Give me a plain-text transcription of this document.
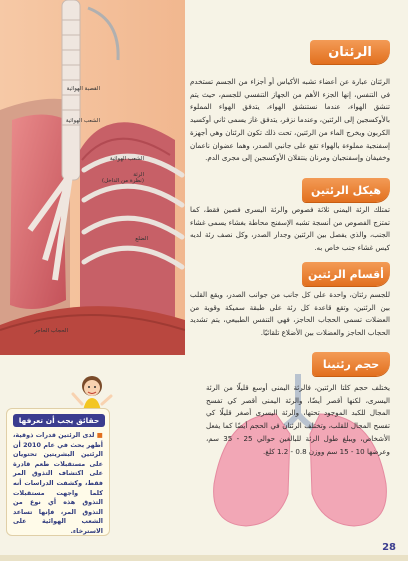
القصبة الهوائية
الشعب الهوائية
الشعب الهوائية
الرئة
(نظرة من الداخل)
الضلع
الحجاب الحاجز
الرئتان
الرئتان عبارة عن أعضاء تشبه الأكياس أو أجزاء من الجسم تستخدم في التنفس، إنها الجزء الأهم من الجهاز التنفسي للجسم، حيث يتم تنشق الهواء، عندما نستنشق الهواء، يتدفق الهواء المملوء بالأوكسجين إلى الرئتين، وعندما نزفر، يتدفق غاز يسمى ثاني أوكسيد الكربون ويخرج الماء من الرئتين، تحت ذلك تكون الرئتان وهي أجهزة إسفنجية مملوءة بالهواء تقع على جانبي الصدر، وهما عضوان ناعمان وخفيفان وإسفنجيان ومرنان ينتقلان الأوكسجين إلى مجرى الدم.
هيكل الرئتين
تمتلك الرئة اليمنى ثلاثة فصوص والرئة اليسرى فصين فقط، كما تمتزج الفصوص من أنسجة تشبه الإسفنج محاطة بغشاء يسمى غشاء الجنب، والذي يفصل بين الرئتين وجدار الصدر، وكل نصف رئة لديه كيس غشاء جنب خاص به.
أقسام الرئتين
للجسم رئتان، واحدة على كل جانب من جوانب الصدر، ويقع القلب بين الرئتين، وتقع قاعدة كل رئة على طبقة سميكة وقوية من العضلات تسمى الحجاب الحاجز، فهي التنفس الطبيعي، يتم تشديد الحجاب الحاجز والعضلات بين الأضلاع تلقائيًا.
حجم رئتينا
يختلف حجم كلتا الرئتين، فالرئة اليمنى أوسع قليلًا من الرئة اليسرى، لكنها أقصر أيضًا، والرئة اليمنى أقصر كي تفسح المجال للكبد الموجود تحتها، والرئة اليسرى أصغر قليلًا كي تفسح المجال للقلب، وتختلف الرئتان في الحجم أيضًا كما يفعل الأشخاص، ويبلغ طول الرئة للبالغين حوالي 25 - 35 سم، وعرضها 10 - 15 سم ووزن 0.8 - 1.2 كلغ.
حقائق يجب أن تعرفها
■ لدى الرئتين قدرات ذوقية، أظهر بحث في عام 2010 أن الرئتين البشريتين تحتويان على مستقبلات طعم قادرة على اكتشاف التذوق المر فقط، وكشفت الدراسات أنه كلما واجهت مستقبلات التذوق هذه أي نوع من التذوق المر، فإنها تساعد الشعب الهوائية على الاسترخاء.
28
